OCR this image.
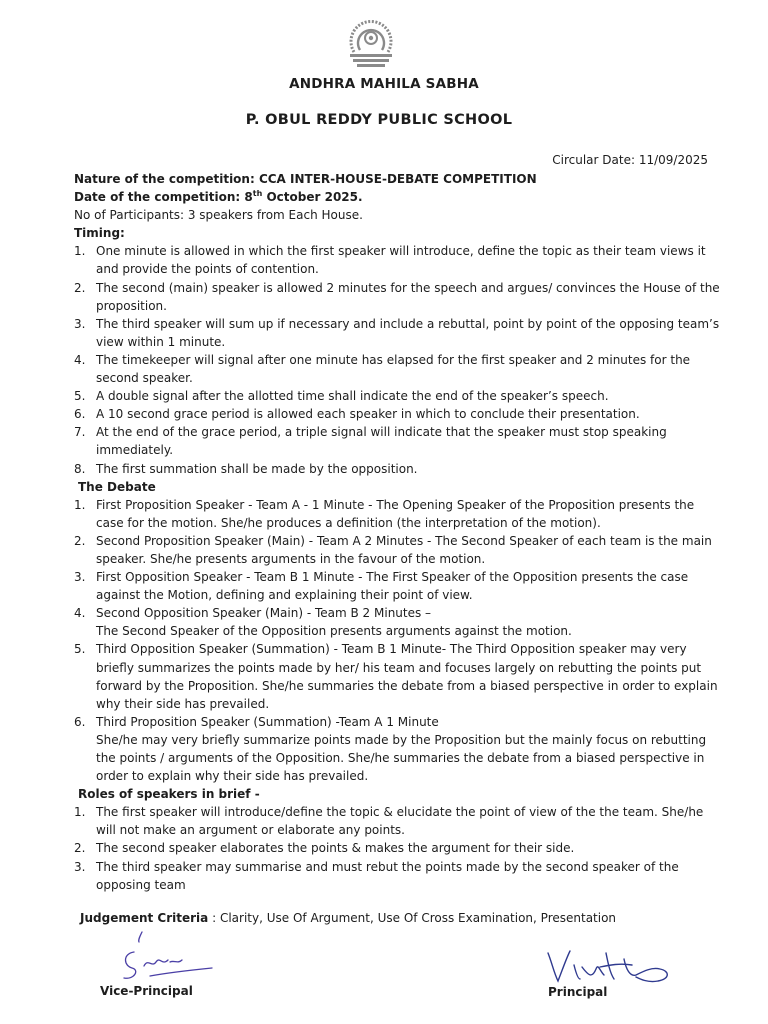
ANDHRA MAHILA SABHA
P. OBUL REDDY PUBLIC SCHOOL
Circular Date: 11/09/2025
Nature of the competition: CCA INTER-HOUSE-DEBATE COMPETITION
Date of the competition: 8th October 2025.
No of Participants: 3 speakers from Each House.
Timing:
1. One minute is allowed in which the first speaker will introduce, define the topic as their team views it and provide the points of contention.
2. The second (main) speaker is allowed 2 minutes for the speech and argues/ convinces the House of the proposition.
3. The third speaker will sum up if necessary and include a rebuttal, point by point of the opposing team’s view within 1 minute.
4. The timekeeper will signal after one minute has elapsed for the first speaker and 2 minutes for the second speaker.
5. A double signal after the allotted time shall indicate the end of the speaker’s speech.
6. A 10 second grace period is allowed each speaker in which to conclude their presentation.
7. At the end of the grace period, a triple signal will indicate that the speaker must stop speaking immediately.
8. The first summation shall be made by the opposition.
The Debate
1. First Proposition Speaker - Team A - 1 Minute - The Opening Speaker of the Proposition presents the case for the motion. She/he produces a definition (the interpretation of the motion).
2. Second Proposition Speaker (Main) - Team A 2 Minutes - The Second Speaker of each team is the main speaker. She/he presents arguments in the favour of the motion.
3. First Opposition Speaker - Team B 1 Minute - The First Speaker of the Opposition presents the case against the Motion, defining and explaining their point of view.
4. Second Opposition Speaker (Main) - Team B 2 Minutes –
The Second Speaker of the Opposition presents arguments against the motion.
5. Third Opposition Speaker (Summation) - Team B 1 Minute- The Third Opposition speaker may very briefly summarizes the points made by her/ his team and focuses largely on rebutting the points put forward by the Proposition. She/he summaries the debate from a biased perspective in order to explain why their side has prevailed.
6. Third Proposition Speaker (Summation) -Team A 1 Minute
She/he may very briefly summarize points made by the Proposition but the mainly focus on rebutting the points / arguments of the Opposition. She/he summaries the debate from a biased perspective in order to explain why their side has prevailed.
Roles of speakers in brief -
1. The first speaker will introduce/define the topic & elucidate the point of view of the the team. She/he will not make an argument or elaborate any points.
2. The second speaker elaborates the points & makes the argument for their side.
3. The third speaker may summarise and must rebut the points made by the second speaker of the opposing team
Judgement Criteria : Clarity, Use Of Argument, Use Of Cross Examination, Presentation
Vice-Principal	Principal
